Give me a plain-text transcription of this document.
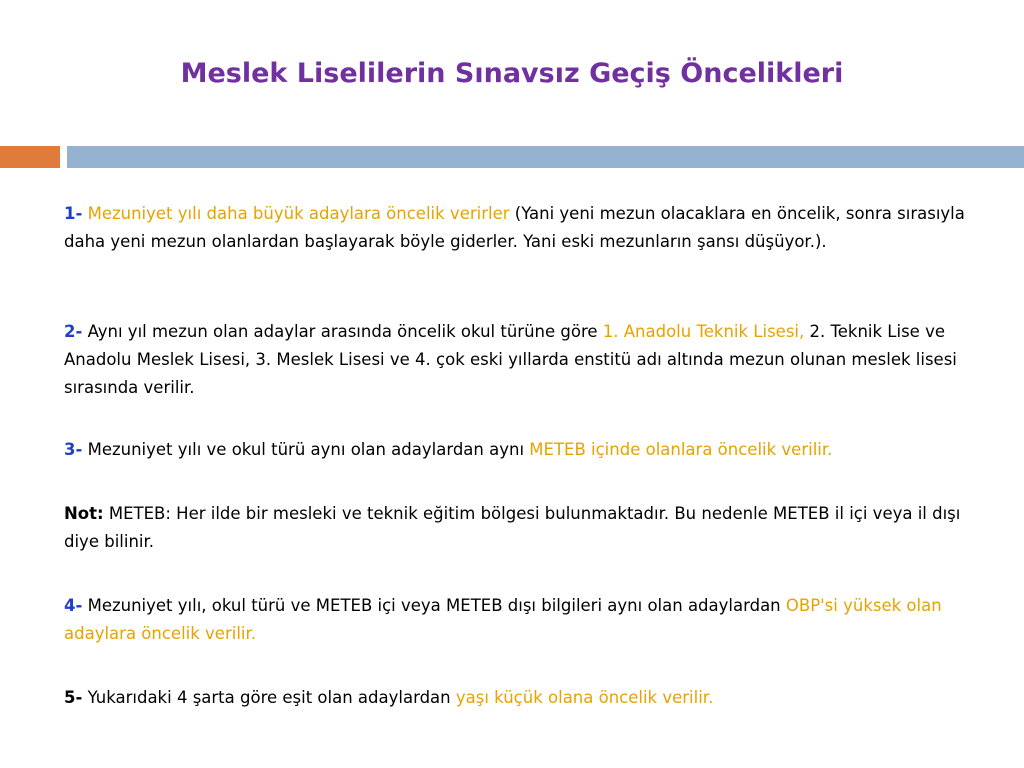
Meslek Liselilerin Sınavsız Geçiş Öncelikleri

1- Mezuniyet yılı daha büyük adaylara öncelik verirler (Yani yeni mezun olacaklara en öncelik, sonra sırasıyla daha yeni mezun olanlardan başlayarak böyle giderler. Yani eski mezunların şansı düşüyor.).

2- Aynı yıl mezun olan adaylar arasında öncelik okul türüne göre 1. Anadolu Teknik Lisesi, 2. Teknik Lise ve Anadolu Meslek Lisesi, 3. Meslek Lisesi ve 4. çok eski yıllarda enstitü adı altında mezun olunan meslek lisesi sırasında verilir.

3- Mezuniyet yılı ve okul türü aynı olan adaylardan aynı METEB içinde olanlara öncelik verilir.

Not: METEB: Her ilde bir mesleki ve teknik eğitim bölgesi bulunmaktadır. Bu nedenle METEB il içi veya il dışı diye bilinir.

4- Mezuniyet yılı, okul türü ve METEB içi veya METEB dışı bilgileri aynı olan adaylardan OBP'si yüksek olan adaylara öncelik verilir.

5- Yukarıdaki 4 şarta göre eşit olan adaylardan yaşı küçük olana öncelik verilir.
